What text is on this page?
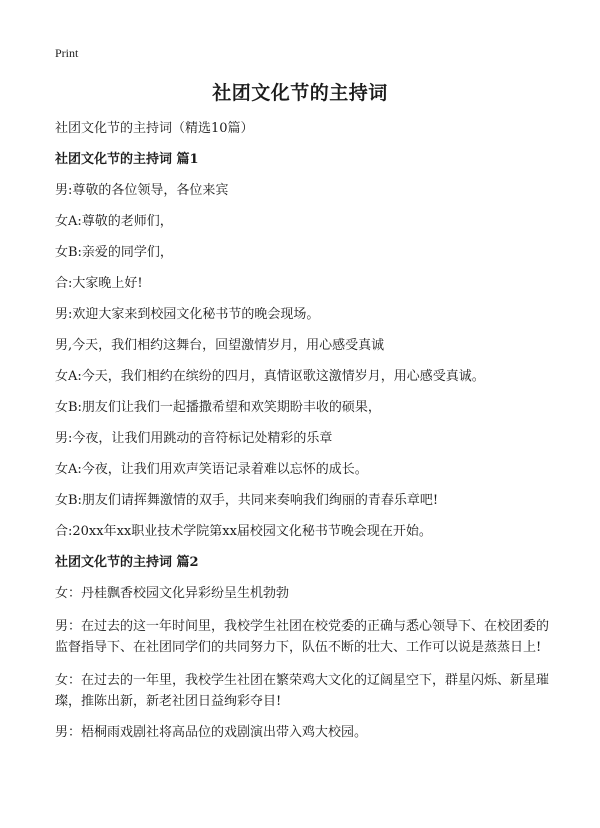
Print
社团文化节的主持词

社团文化节的主持词（精选10篇）

社团文化节的主持词 篇1

男:尊敬的各位领导，各位来宾

女A:尊敬的老师们，

女B:亲爱的同学们，

合:大家晚上好!

男:欢迎大家来到校园文化秘书节的晚会现场。

男,今天，我们相约这舞台，回望激情岁月，用心感受真诚

女A:今天，我们相约在缤纷的四月，真情讴歌这激情岁月，用心感受真诚。

女B:朋友们让我们一起播撒希望和欢笑期盼丰收的硕果，

男:今夜，让我们用跳动的音符标记处精彩的乐章

女A:今夜，让我们用欢声笑语记录着难以忘怀的成长。

女B:朋友们请挥舞激情的双手，共同来奏响我们绚丽的青春乐章吧!

合:20xx年xx职业技术学院第xx届校园文化秘书节晚会现在开始。

社团文化节的主持词 篇2

女：丹桂飘香校园文化异彩纷呈生机勃勃

男：在过去的这一年时间里，我校学生社团在校党委的正确与悉心领导下、在校团委的监督指导下、在社团同学们的共同努力下，队伍不断的壮大、工作可以说是蒸蒸日上!

女：在过去的一年里，我校学生社团在繁荣鸡大文化的辽阔星空下，群星闪烁、新星璀璨，推陈出新，新老社团日益绚彩夺目!

男：梧桐雨戏剧社将高品位的戏剧演出带入鸡大校园。
